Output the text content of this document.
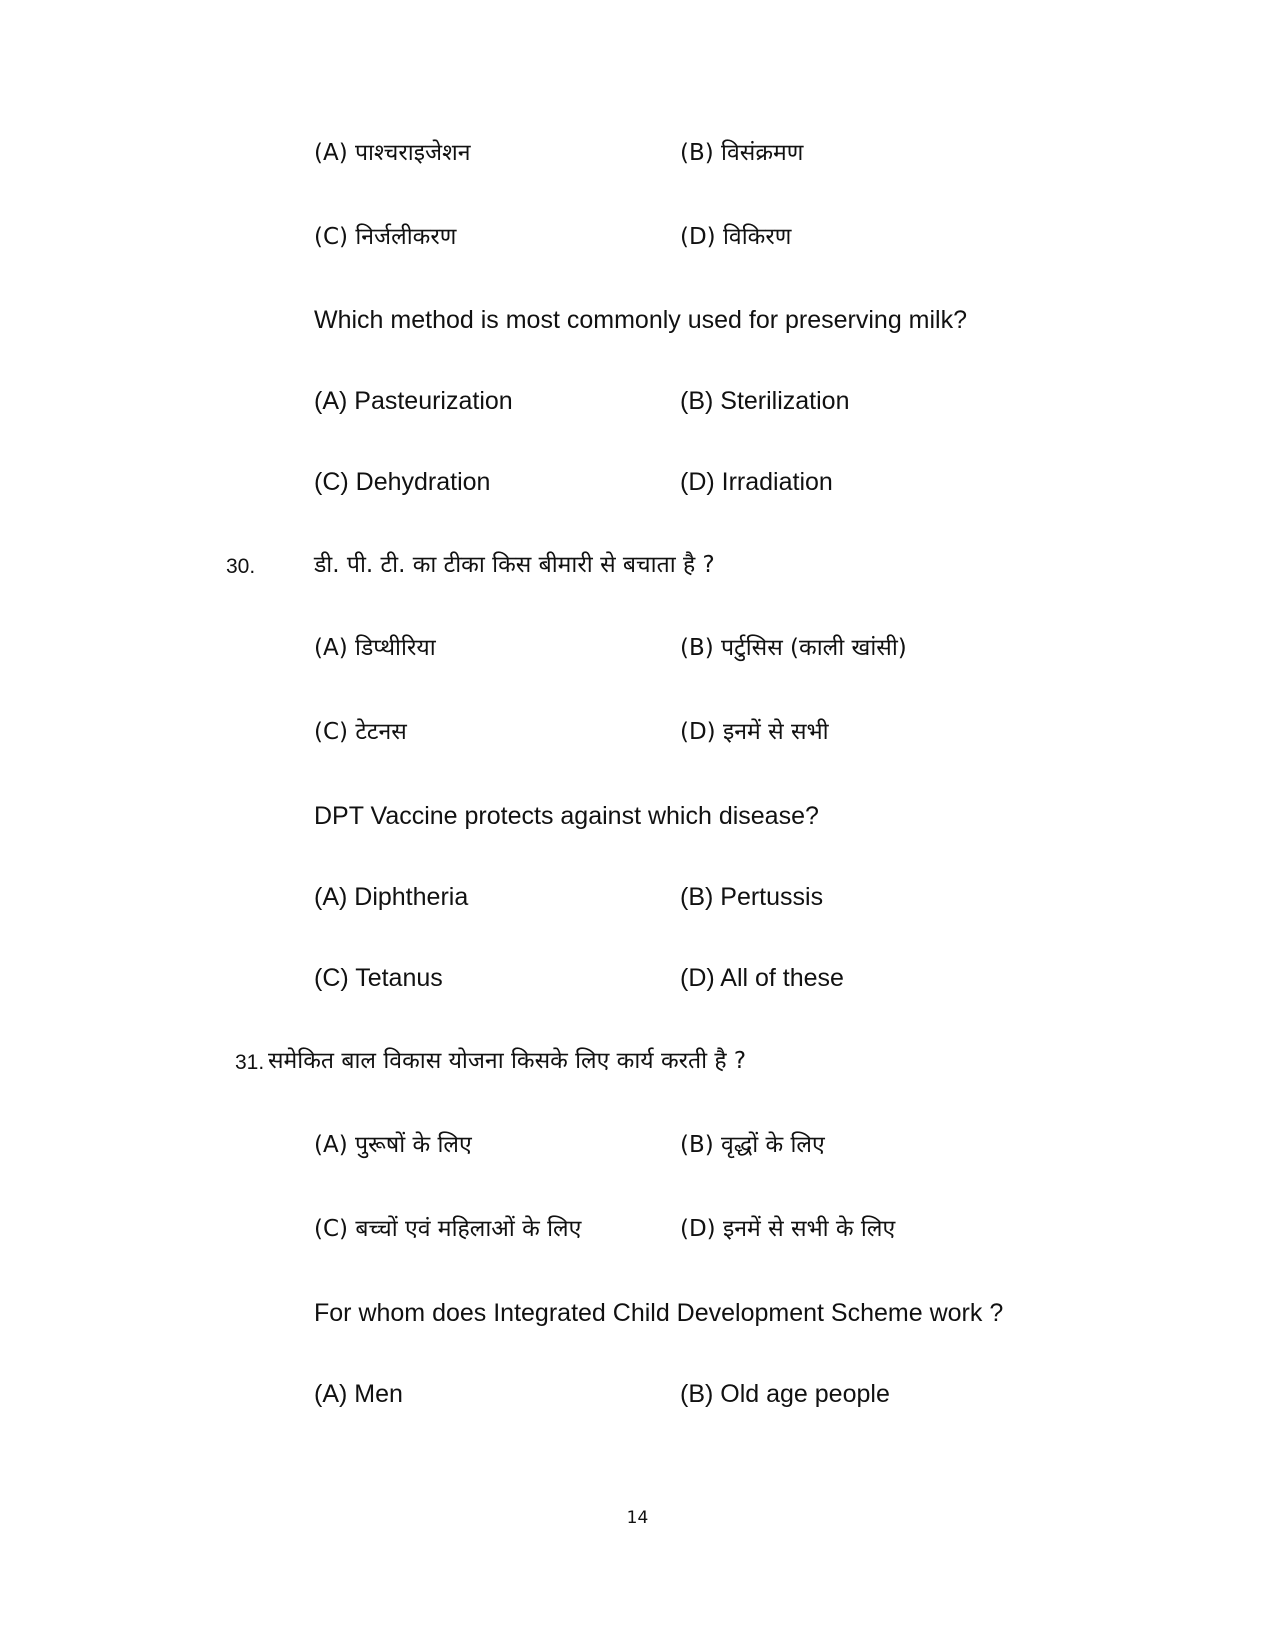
(A) पाश्चराइजेशन	(B) विसंक्रमण
(C) निर्जलीकरण	(D) विकिरण
Which method is most commonly used for preserving milk?
(A) Pasteurization	(B) Sterilization
(C) Dehydration	(D) Irradiation
30.	डी. पी. टी. का टीका किस बीमारी से बचाता है ?
(A) डिप्थीरिया	(B) पर्टुसिस (काली खांसी)
(C) टेटनस	(D) इनमें से सभी
DPT Vaccine protects against which disease?
(A) Diphtheria	(B) Pertussis
(C) Tetanus	(D) All of these
31. समेकित बाल विकास योजना किसके लिए कार्य करती है ?
(A) पुरूषों के लिए	(B) वृद्धों के लिए
(C) बच्चों एवं महिलाओं के लिए	(D) इनमें से सभी के लिए
For whom does Integrated Child Development Scheme work ?
(A) Men	(B) Old age people
14
